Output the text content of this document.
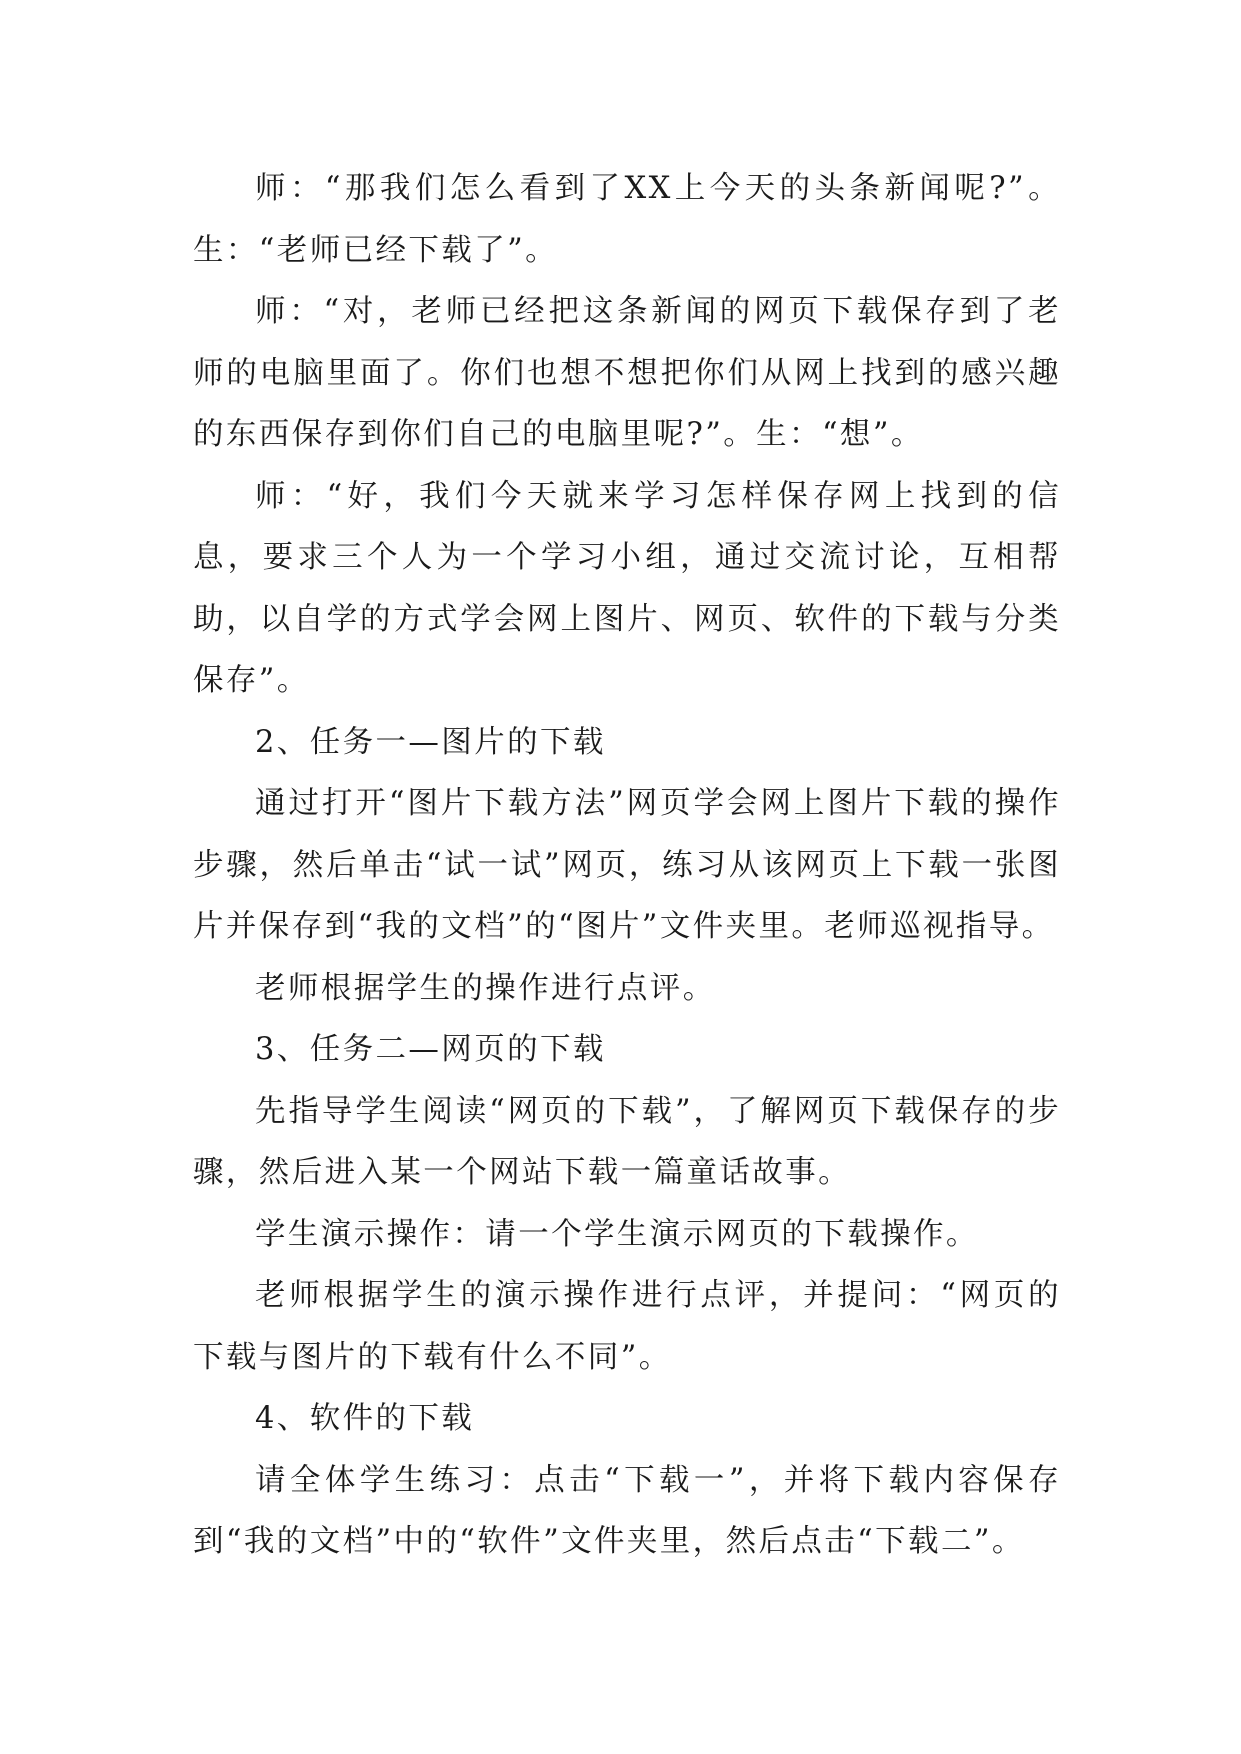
师：“那我们怎么看到了XX上今天的头条新闻呢?”。生：“老师已经下载了”。

师：“对，老师已经把这条新闻的网页下载保存到了老师的电脑里面了。你们也想不想把你们从网上找到的感兴趣的东西保存到你们自己的电脑里呢?”。生：“想”。

师：“好，我们今天就来学习怎样保存网上找到的信息，要求三个人为一个学习小组，通过交流讨论，互相帮助，以自学的方式学会网上图片、网页、软件的下载与分类保存”。

2、任务一—图片的下载

通过打开“图片下载方法”网页学会网上图片下载的操作步骤，然后单击“试一试”网页，练习从该网页上下载一张图片并保存到“我的文档”的“图片”文件夹里。老师巡视指导。

老师根据学生的操作进行点评。

3、任务二—网页的下载

先指导学生阅读“网页的下载”，了解网页下载保存的步骤，然后进入某一个网站下载一篇童话故事。

学生演示操作：请一个学生演示网页的下载操作。

老师根据学生的演示操作进行点评，并提问：“网页的下载与图片的下载有什么不同”。

4、软件的下载

请全体学生练习：点击“下载一”，并将下载内容保存到“我的文档”中的“软件”文件夹里，然后点击“下载二”。
